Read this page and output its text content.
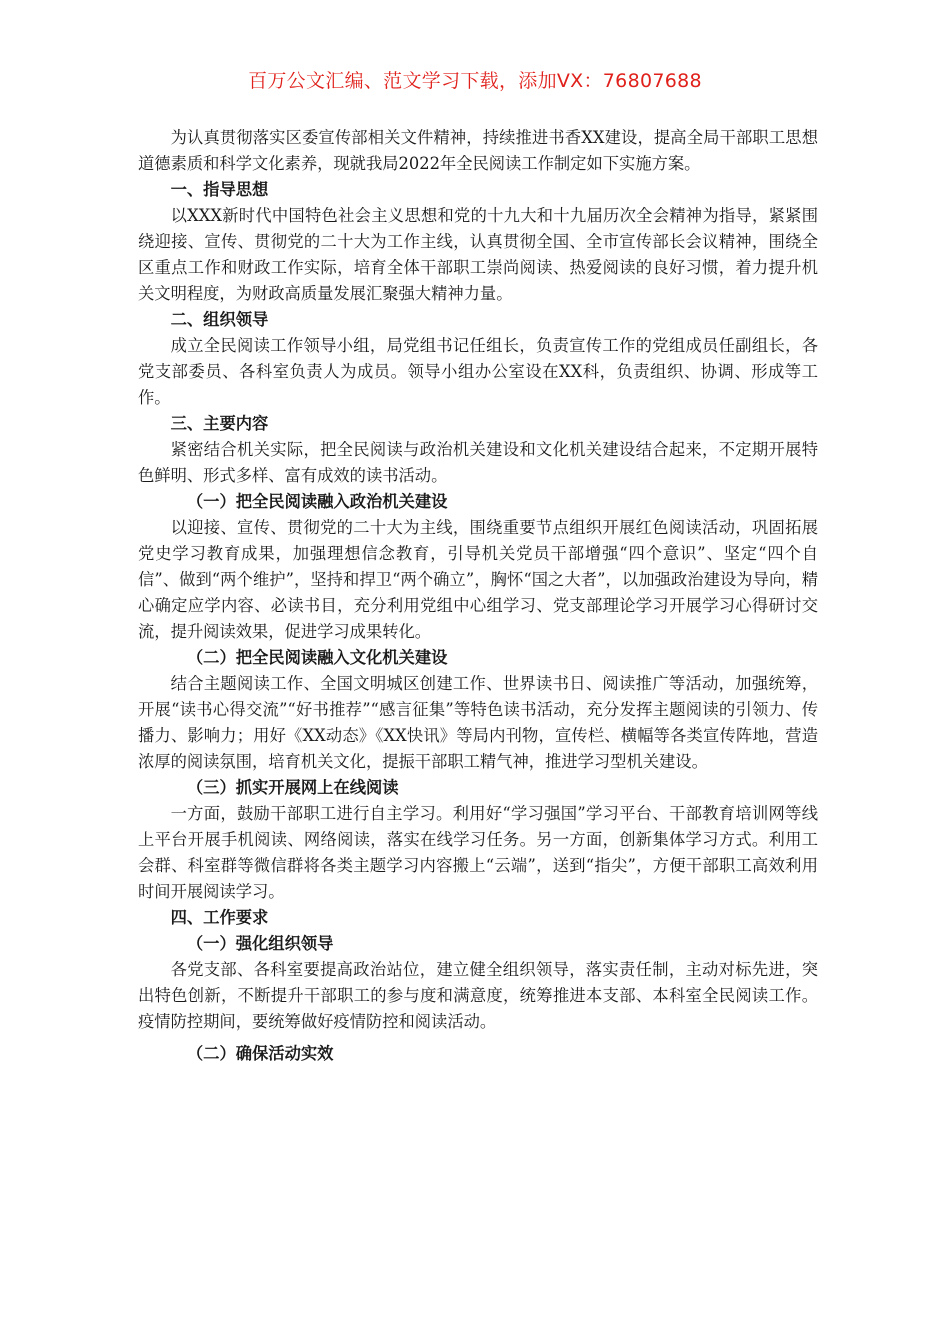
百万公文汇编、范文学习下载，添加VX：76807688

为认真贯彻落实区委宣传部相关文件精神，持续推进书香XX建设，提高全局干部职工思想道德素质和科学文化素养，现就我局2022年全民阅读工作制定如下实施方案。

一、指导思想

以XXX新时代中国特色社会主义思想和党的十九大和十九届历次全会精神为指导，紧紧围绕迎接、宣传、贯彻党的二十大为工作主线，认真贯彻全国、全市宣传部长会议精神，围绕全区重点工作和财政工作实际，培育全体干部职工崇尚阅读、热爱阅读的良好习惯，着力提升机关文明程度，为财政高质量发展汇聚强大精神力量。

二、组织领导

成立全民阅读工作领导小组，局党组书记任组长，负责宣传工作的党组成员任副组长，各党支部委员、各科室负责人为成员。领导小组办公室设在XX科，负责组织、协调、形成等工作。

三、主要内容

紧密结合机关实际，把全民阅读与政治机关建设和文化机关建设结合起来，不定期开展特色鲜明、形式多样、富有成效的读书活动。

（一）把全民阅读融入政治机关建设

以迎接、宣传、贯彻党的二十大为主线，围绕重要节点组织开展红色阅读活动，巩固拓展党史学习教育成果，加强理想信念教育，引导机关党员干部增强“四个意识”、坚定“四个自信”、做到“两个维护”，坚持和捍卫“两个确立”，胸怀“国之大者”，以加强政治建设为导向，精心确定应学内容、必读书目，充分利用党组中心组学习、党支部理论学习开展学习心得研讨交流，提升阅读效果，促进学习成果转化。

（二）把全民阅读融入文化机关建设

结合主题阅读工作、全国文明城区创建工作、世界读书日、阅读推广等活动，加强统筹，开展“读书心得交流”“好书推荐”“感言征集”等特色读书活动，充分发挥主题阅读的引领力、传播力、影响力；用好《XX动态》《XX快讯》等局内刊物，宣传栏、横幅等各类宣传阵地，营造浓厚的阅读氛围，培育机关文化，提振干部职工精气神，推进学习型机关建设。

（三）抓实开展网上在线阅读

一方面，鼓励干部职工进行自主学习。利用好“学习强国”学习平台、干部教育培训网等线上平台开展手机阅读、网络阅读，落实在线学习任务。另一方面，创新集体学习方式。利用工会群、科室群等微信群将各类主题学习内容搬上“云端”，送到“指尖”，方便干部职工高效利用时间开展阅读学习。

四、工作要求

（一）强化组织领导

各党支部、各科室要提高政治站位，建立健全组织领导，落实责任制，主动对标先进，突出特色创新，不断提升干部职工的参与度和满意度，统筹推进本支部、本科室全民阅读工作。疫情防控期间，要统筹做好疫情防控和阅读活动。

（二）确保活动实效
